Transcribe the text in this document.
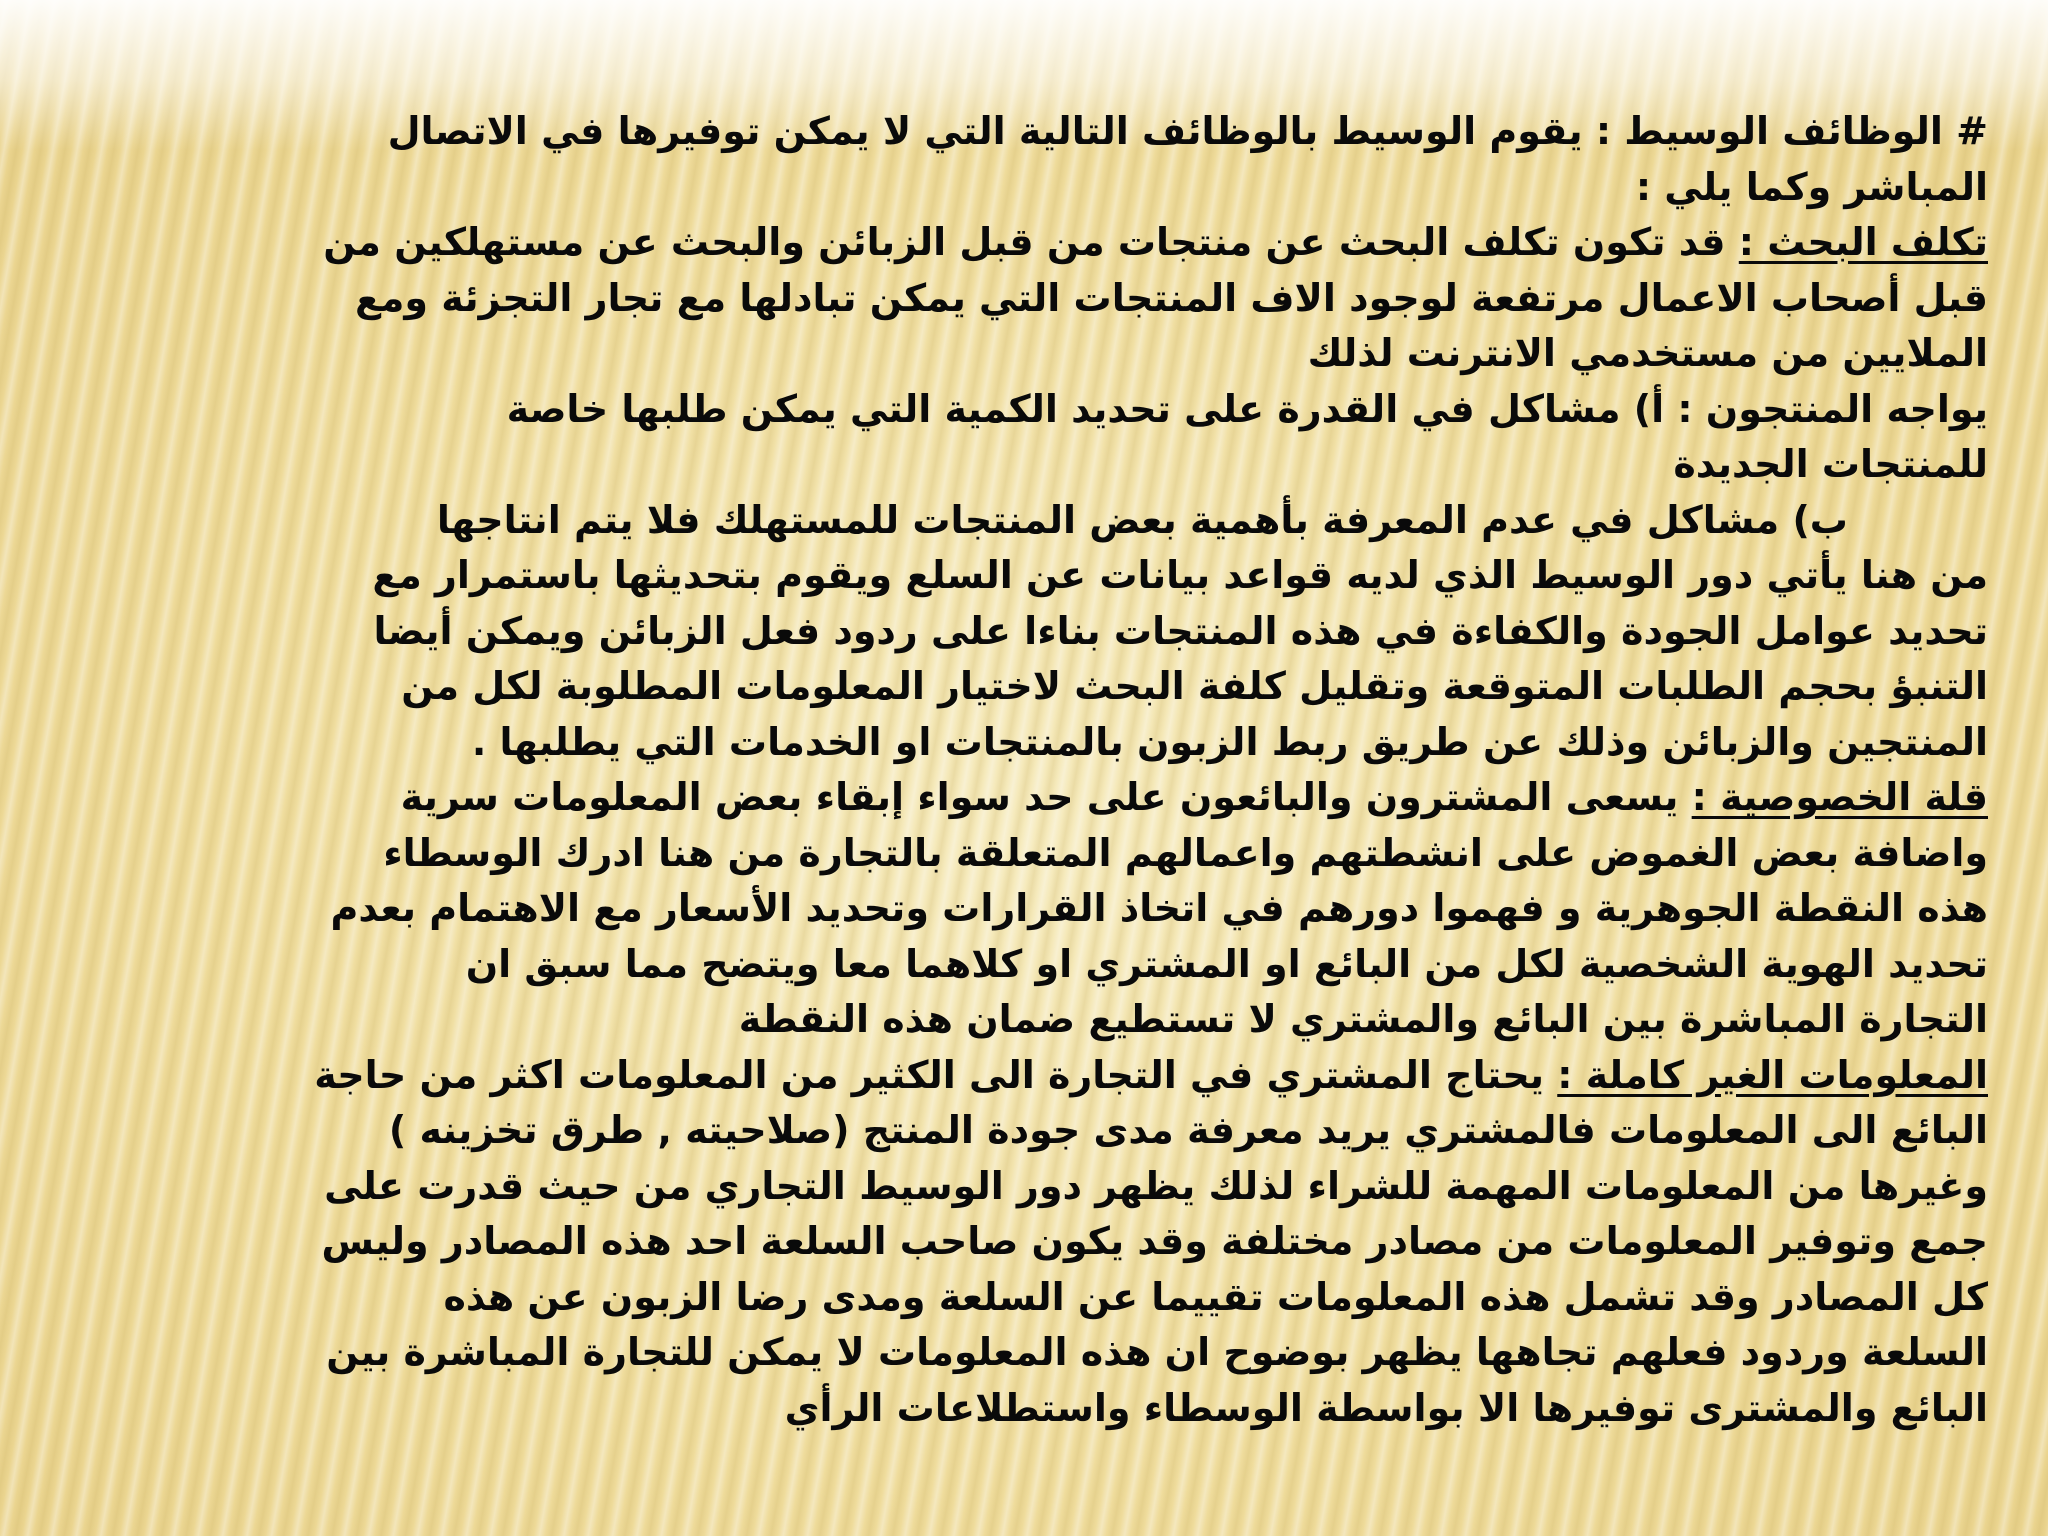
# الوظائف الوسيط : يقوم الوسيط بالوظائف التالية التي لا يمكن توفيرها في الاتصال
المباشر وكما يلي :
تكلف البحث : قد تكون تكلف البحث عن منتجات من قبل الزبائن والبحث عن مستهلكين من
قبل أصحاب الاعمال مرتفعة لوجود الاف المنتجات التي يمكن تبادلها مع تجار التجزئة ومع
الملايين من مستخدمي الانترنت لذلك
يواجه المنتجون : أ) مشاكل في القدرة على تحديد الكمية التي يمكن طلبها خاصة
للمنتجات الجديدة
ب) مشاكل في عدم المعرفة بأهمية بعض المنتجات للمستهلك فلا يتم انتاجها
من هنا يأتي دور الوسيط الذي لديه قواعد بيانات عن السلع ويقوم بتحديثها باستمرار مع
تحديد عوامل الجودة والكفاءة في هذه المنتجات بناءا على ردود فعل الزبائن ويمكن أيضا
التنبؤ بحجم الطلبات المتوقعة وتقليل كلفة البحث لاختيار المعلومات المطلوبة لكل من
المنتجين والزبائن وذلك عن طريق ربط الزبون بالمنتجات او الخدمات التي يطلبها .
قلة الخصوصية : يسعى المشترون والبائعون على حد سواء إبقاء بعض المعلومات سرية
واضافة بعض الغموض على انشطتهم واعمالهم المتعلقة بالتجارة من هنا ادرك الوسطاء
هذه النقطة الجوهرية و فهموا دورهم في اتخاذ القرارات وتحديد الأسعار مع الاهتمام بعدم
تحديد الهوية الشخصية لكل من البائع او المشتري او كلاهما معا ويتضح مما سبق ان
التجارة المباشرة بين البائع والمشتري لا تستطيع ضمان هذه النقطة
المعلومات الغير كاملة : يحتاج المشتري في التجارة الى الكثير من المعلومات اكثر من حاجة
البائع الى المعلومات فالمشتري يريد معرفة مدى جودة المنتج (صلاحيته , طرق تخزينه )
وغيرها من المعلومات المهمة للشراء لذلك يظهر دور الوسيط التجاري من حيث قدرت على
جمع وتوفير المعلومات من مصادر مختلفة وقد يكون صاحب السلعة احد هذه المصادر وليس
كل المصادر وقد تشمل هذه المعلومات تقييما عن السلعة ومدى رضا الزبون عن هذه
السلعة وردود فعلهم تجاهها يظهر بوضوح ان هذه المعلومات لا يمكن للتجارة المباشرة بين
البائع والمشترى توفيرها الا بواسطة الوسطاء واستطلاعات الرأي
